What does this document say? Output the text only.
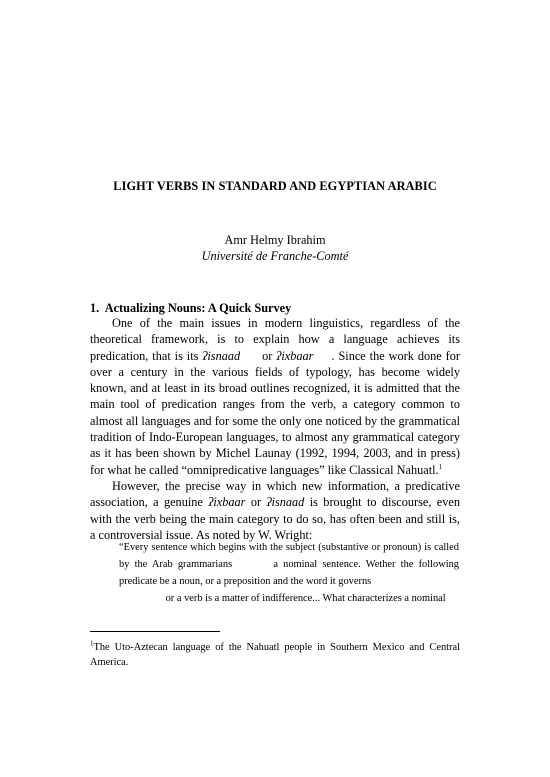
LIGHT VERBS IN STANDARD AND EGYPTIAN ARABIC
Amr Helmy Ibrahim
Université de Franche-Comté
1. Actualizing Nouns: A Quick Survey

One of the main issues in modern linguistics, regardless of the theoretical framework, is to explain how a language achieves its predication, that is its ʔisnaad or ʔixbaar . Since the work done for over a century in the various fields of typology, has become widely known, and at least in its broad outlines recognized, it is admitted that the main tool of predication ranges from the verb, a category common to almost all languages and for some the only one noticed by the grammatical tradition of Indo-European languages, to almost any grammatical category as it has been shown by Michel Launay (1992, 1994, 2003, and in press) for what he called “omnipredicative languages” like Classical Nahuatl.$^1$

However, the precise way in which new information, a predicative association, a genuine ʔixbaar or ʔisnaad is brought to discourse, even with the verb being the main category to do so, has often been and still is, a controversial issue. As noted by W. Wright:

“Every sentence which begins with the subject (substantive or pronoun) is called by the Arab grammarians	a nominal sentence. Wether the following predicate be a noun, or a preposition and the word it governs
or a verb is a matter of indifference... What characterizes a nominal

$^1$The Uto-Aztecan language of the Nahuatl people in Southern Mexico and Central America.
